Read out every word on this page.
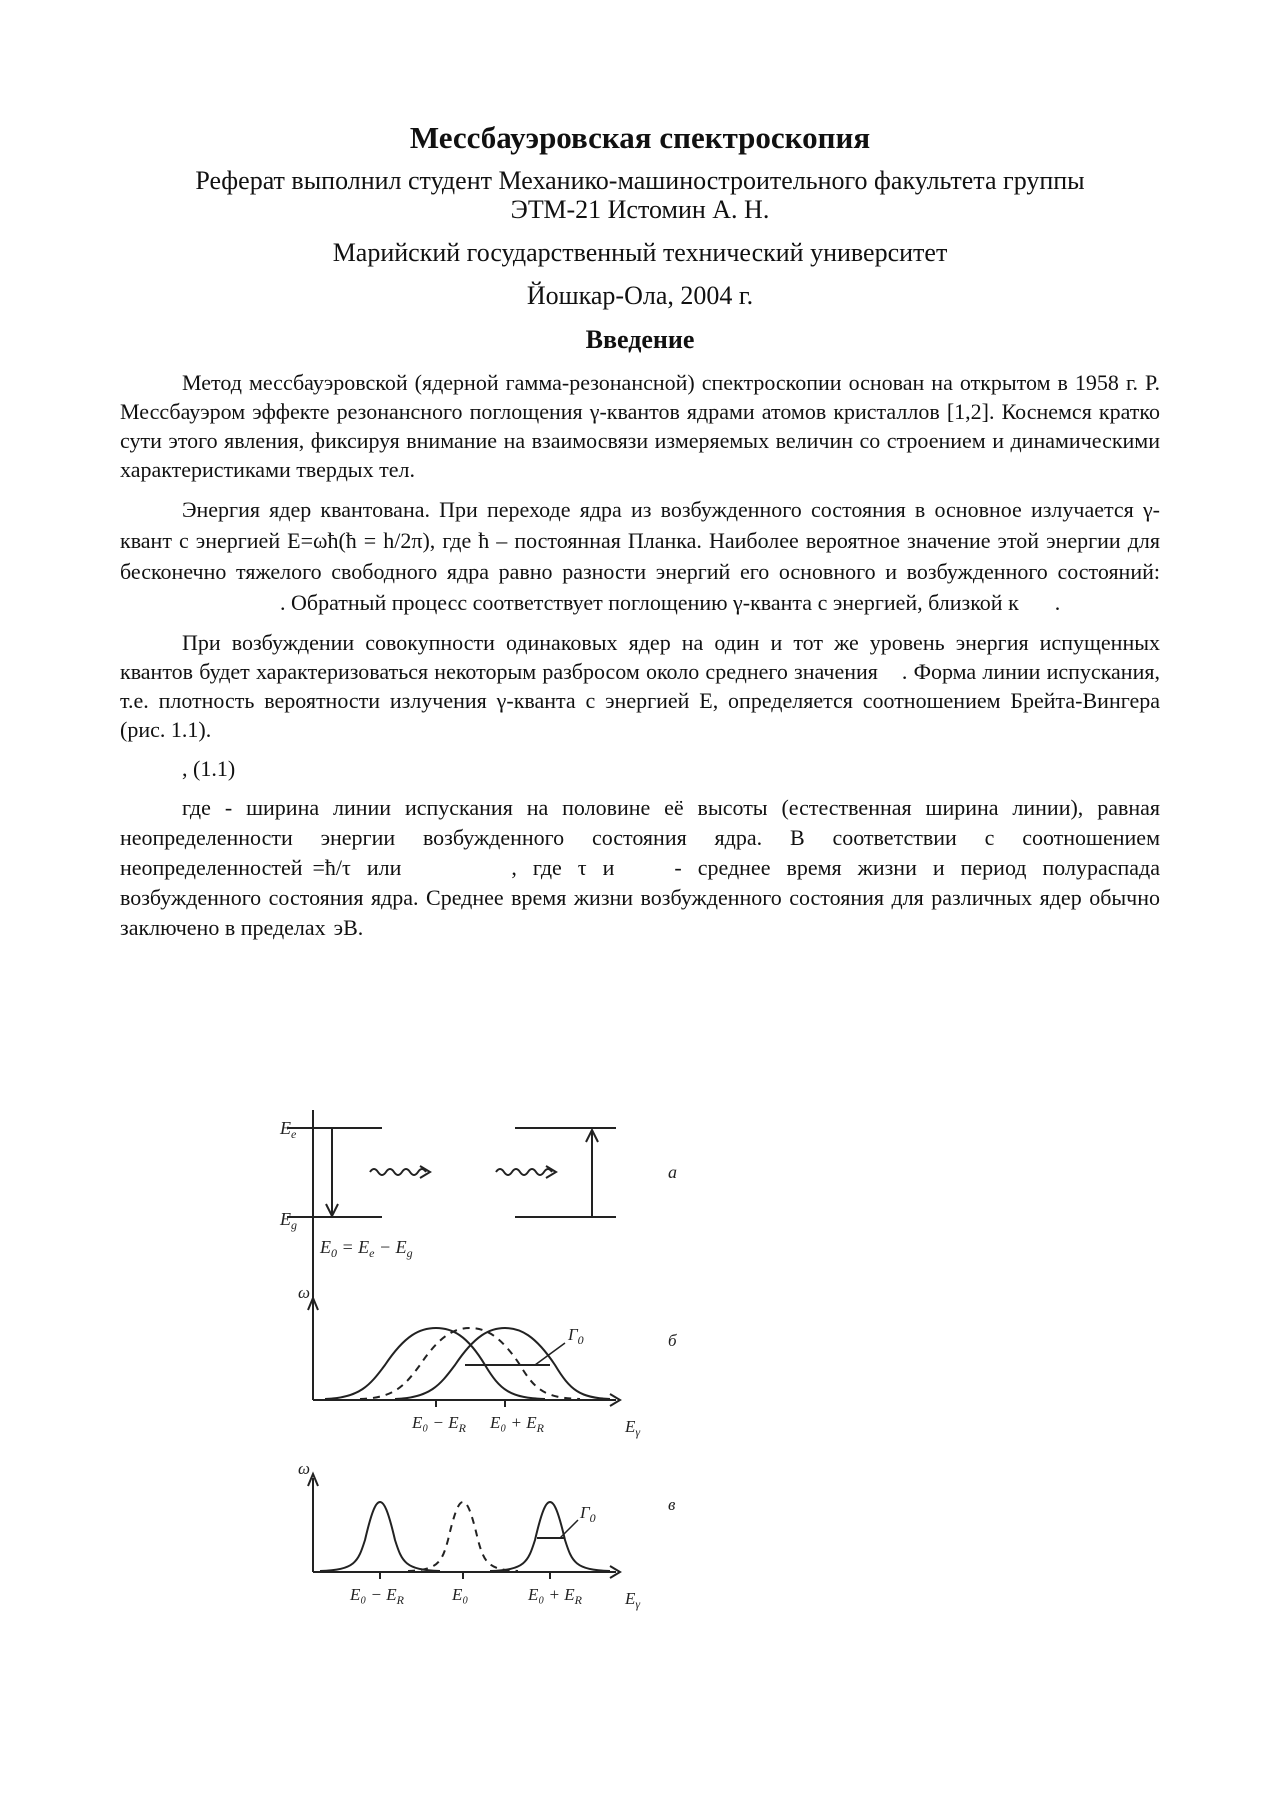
Мессбауэровская спектроскопия

Реферат выполнил студент Механико-машиностроительного факультета группы

ЭТМ-21 Истомин А. Н.

Марийский государственный технический университет

Йошкар-Ола, 2004 г.

Введение

Метод мессбауэровской (ядерной гамма-резонансной) спектроскопии основан на открытом в 1958 г. Р. Мессбауэром эффекте резонансного поглощения γ-квантов ядрами атомов кристаллов [1,2]. Коснемся кратко сути этого явления, фиксируя внимание на взаимосвязи измеряемых величин со строением и динамическими характеристиками твердых тел.

Энергия ядер квантована. При переходе ядра из возбужденного состояния в основное излучается γ-квант с энергией E=ωħ(ħ = h/2π), где ħ – постоянная Планка. Наиболее вероятное значение этой энергии для бесконечно тяжелого свободного ядра равно разности энергий его основного и возбужденного состояний:. Обратный процесс соответствует поглощению γ-кванта с энергией, близкой к .

При возбуждении совокупности одинаковых ядер на один и тот же уровень энергия испущенных квантов будет характеризоваться некоторым разбросом около среднего значения . Форма линии испускания, т.е. плотность вероятности излучения γ-кванта с энергией Е, определяется соотношением Брейта-Вингера (рис. 1.1).

, (1.1)

где - ширина линии испускания на половине её высоты (естественная ширина линии), равная неопределенности энергии возбужденного состояния ядра. В соответствии с соотношением неопределенностей =ħ/τ или	, где τ и	- среднее время жизни и период полураспада возбужденного состояния ядра. Среднее время жизни возбужденного состояния для различных ядер обычно заключено в пределах эВ.

$E_e$
$E_g$
$E_0 = E_e - E_g$
a
ω
$E_\gamma$
$\Gamma_0$
$E_0 - E_R$ $E_0 + E_R$
б
ω
$E_\gamma$
$\Gamma_0$
$E_0 - E_R$	E₀	$E_0 + E_R$
в
